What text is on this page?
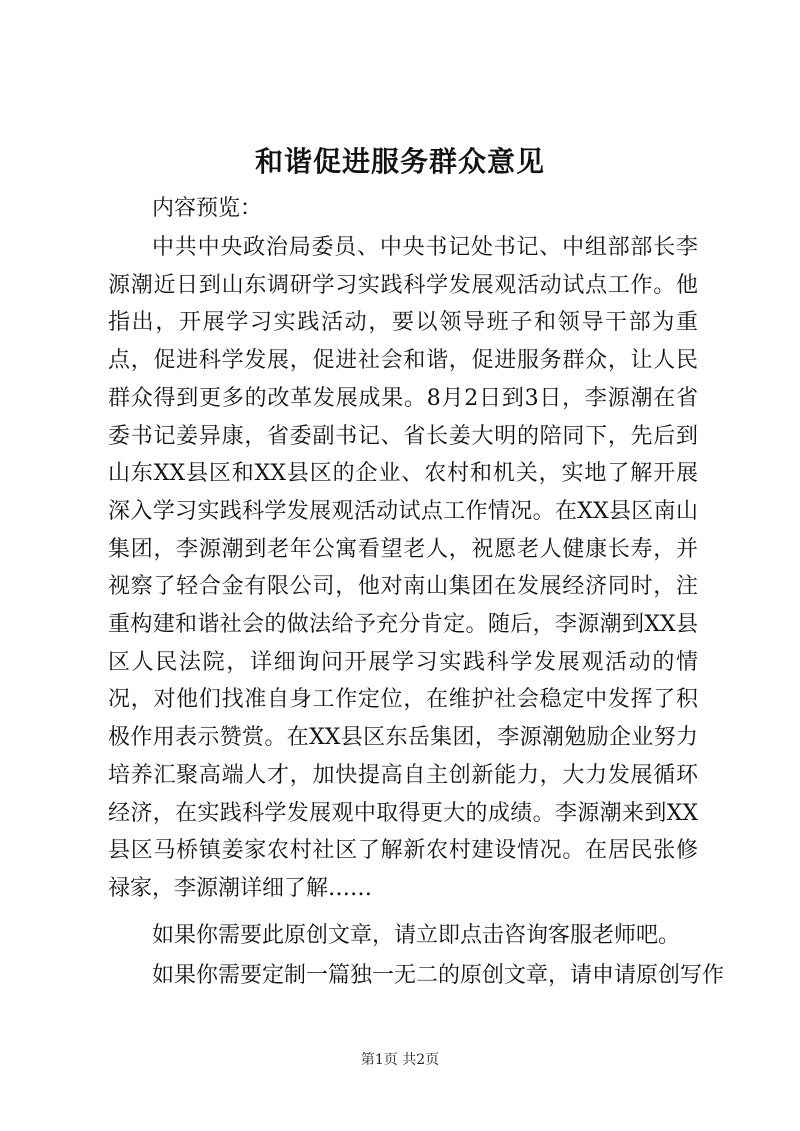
和谐促进服务群众意见

内容预览：

中共中央政治局委员、中央书记处书记、中组部部长李源潮近日到山东调研学习实践科学发展观活动试点工作。他指出，开展学习实践活动，要以领导班子和领导干部为重点，促进科学发展，促进社会和谐，促进服务群众，让人民群众得到更多的改革发展成果。8月2日到3日，李源潮在省委书记姜异康，省委副书记、省长姜大明的陪同下，先后到山东XX县区和XX县区的企业、农村和机关，实地了解开展深入学习实践科学发展观活动试点工作情况。在XX县区南山集团，李源潮到老年公寓看望老人，祝愿老人健康长寿，并视察了轻合金有限公司，他对南山集团在发展经济同时，注重构建和谐社会的做法给予充分肯定。随后，李源潮到XX县区人民法院，详细询问开展学习实践科学发展观活动的情况，对他们找准自身工作定位，在维护社会稳定中发挥了积极作用表示赞赏。在XX县区东岳集团，李源潮勉励企业努力培养汇聚高端人才，加快提高自主创新能力，大力发展循环经济，在实践科学发展观中取得更大的成绩。李源潮来到XX县区马桥镇姜家农村社区了解新农村建设情况。在居民张修禄家，李源潮详细了解……

如果你需要此原创文章，请立即点击咨询客服老师吧。

如果你需要定制一篇独一无二的原创文章，请申请原创写作

第1页 共2页
